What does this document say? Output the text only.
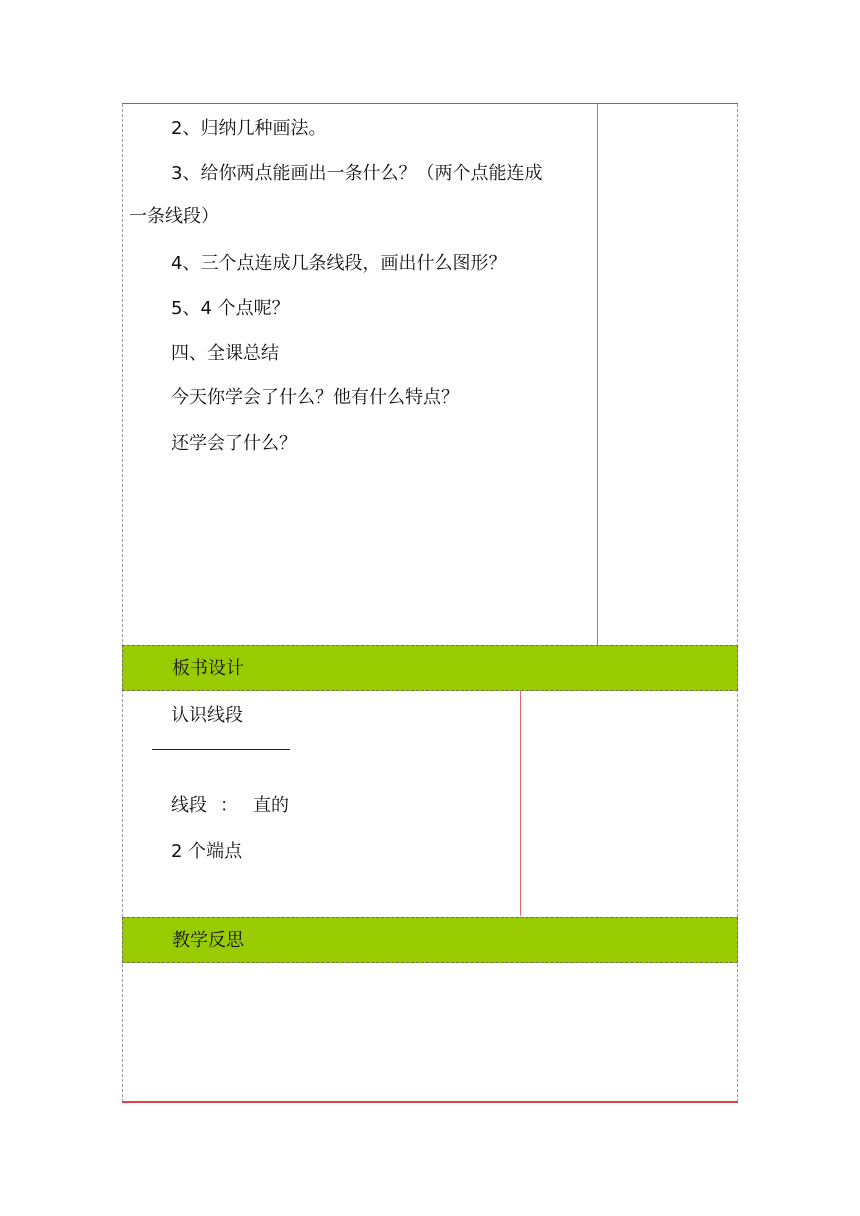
2、归纳几种画法。
3、给你两点能画出一条什么？（两个点能连成
一条线段）
4、三个点连成几条线段，画出什么图形？
5、4 个点呢？
四、全课总结
今天你学会了什么？他有什么特点？
还学会了什么？
板书设计
认识线段
线段 ： 直的
2 个端点
教学反思
